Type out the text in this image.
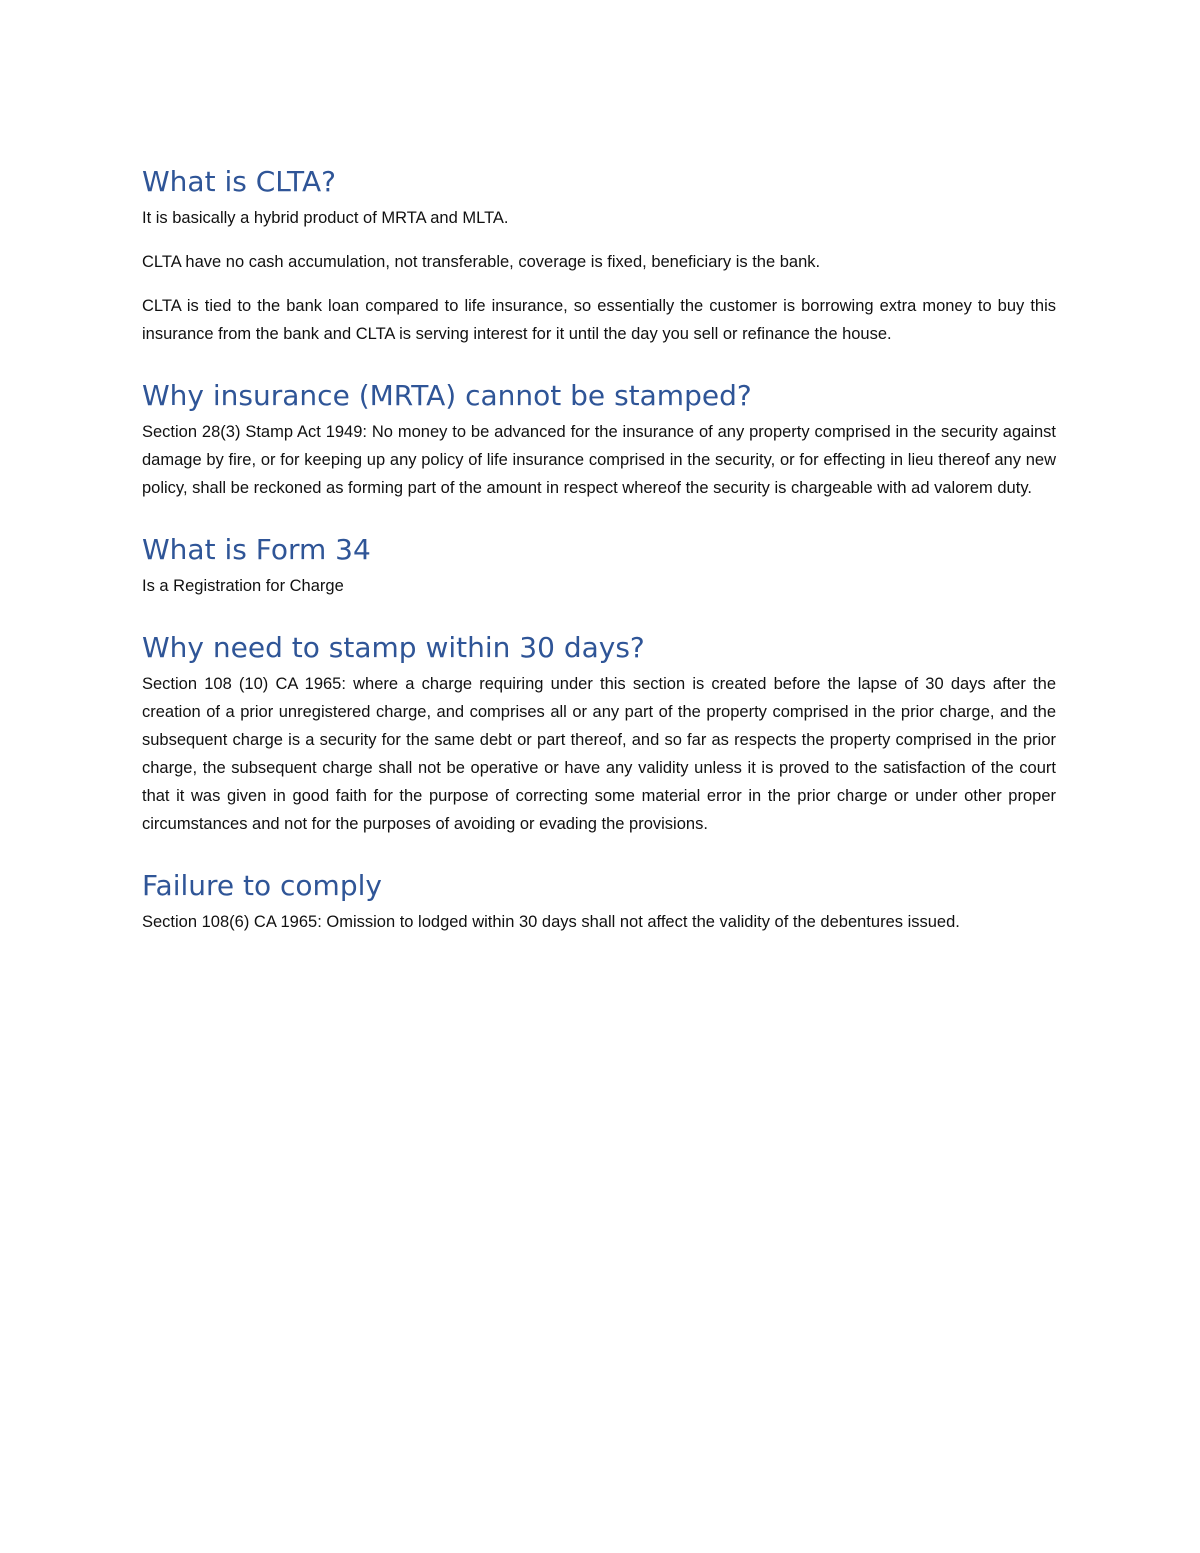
What is CLTA?

It is basically a hybrid product of MRTA and MLTA.

CLTA have no cash accumulation, not transferable, coverage is fixed, beneficiary is the bank.

CLTA is tied to the bank loan compared to life insurance, so essentially the customer is borrowing extra money to buy this insurance from the bank and CLTA is serving interest for it until the day you sell or refinance the house.

Why insurance (MRTA) cannot be stamped?

Section 28(3) Stamp Act 1949: No money to be advanced for the insurance of any property comprised in the security against damage by fire, or for keeping up any policy of life insurance comprised in the security, or for effecting in lieu thereof any new policy, shall be reckoned as forming part of the amount in respect whereof the security is chargeable with ad valorem duty.

What is Form 34

Is a Registration for Charge

Why need to stamp within 30 days?

Section 108 (10) CA 1965: where a charge requiring under this section is created before the lapse of 30 days after the creation of a prior unregistered charge, and comprises all or any part of the property comprised in the prior charge, and the subsequent charge is a security for the same debt or part thereof, and so far as respects the property comprised in the prior charge, the subsequent charge shall not be operative or have any validity unless it is proved to the satisfaction of the court that it was given in good faith for the purpose of correcting some material error in the prior charge or under other proper circumstances and not for the purposes of avoiding or evading the provisions.

Failure to comply

Section 108(6) CA 1965: Omission to lodged within 30 days shall not affect the validity of the debentures issued.
